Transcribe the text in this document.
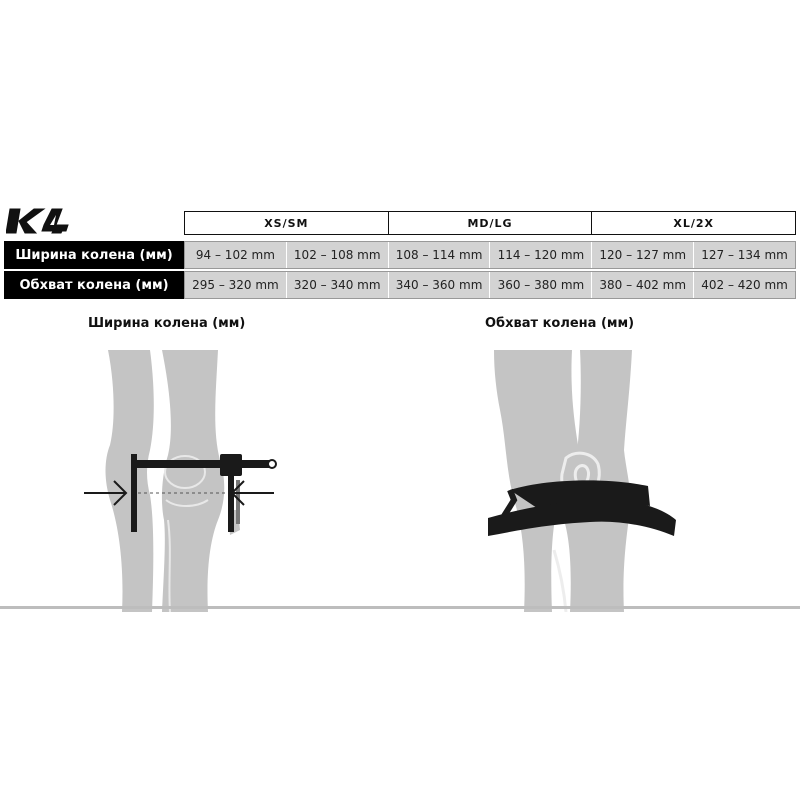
XS/SM	MD/LG	XL/2X
Ширина колена (мм)	94 – 102 mm	102 – 108 mm	108 – 114 mm	114 – 120 mm	120 – 127 mm	127 – 134 mm
Обхват колена (мм)	295 – 320 mm	320 – 340 mm	340 – 360 mm	360 – 380 mm	380 – 402 mm	402 – 420 mm
Ширина колена (мм)	Обхват колена (мм)
